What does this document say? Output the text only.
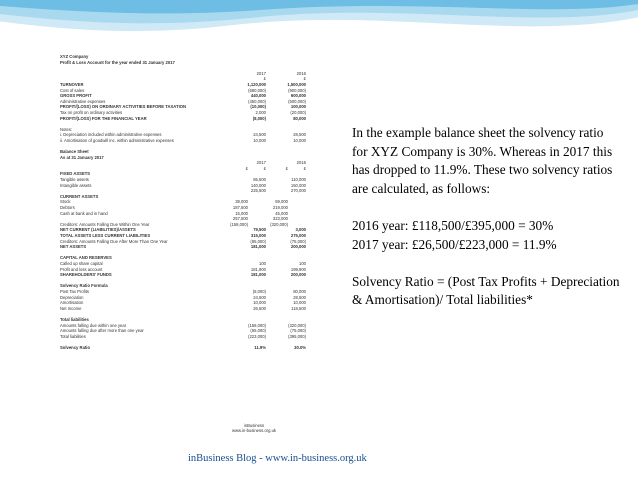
XYZ Company
Profit & Loss Account for the year ended 31 January 2017
2017	2016
£	£
TURNOVER	1,120,000	1,500,000
Cost of sales	(680,000)	(900,000)
GROSS PROFIT	440,000	600,000
Administrative expenses	(450,000)	(500,000)
PROFIT/(LOSS) ON ORDINARY ACTIVITIES BEFORE TAXATION	(10,000)	100,000
Tax on profit on ordinary activities	2,000	(20,000)
PROFIT/(LOSS) FOR THE FINANCIAL YEAR	(8,000)	80,000
Notes:
i. Depreciation included within administrative expenses	24,500	28,500
ii. Amortisation of goodwill inc. within administrative expenses	10,000	10,000
Balance Sheet
As at 31 January 2017
2017	2016
£	£	£	£
FIXED ASSETS
Tangible assets	85,500	110,000
Intangible assets	140,000	150,000
225,500	270,000
CURRENT ASSETS
Stock	39,000	59,000
Debtors	187,500	219,000
Cash at bank and in hand	15,000	45,000
257,500	323,000
Creditors: Amounts Falling Due Within One Year	(158,000)	(320,000)
NET CURRENT (LIABILITIES)/ASSETS	79,500	3,000
TOTAL ASSETS LESS CURRENT LIABILITIES	315,000	275,000
Creditors: Amounts Falling Due After More Than One Year	(85,000)	(75,000)
NET ASSETS	181,000	200,000
CAPITAL AND RESERVES
Called up share capital	100	100
Profit and loss account	181,900	199,900
SHAREHOLDERS' FUNDS	181,000	200,000
Solvency Ratio Formula
Post Tax Profits	(8,000)	80,000
Depreciation	24,500	28,500
Amortisation	10,000	10,000
Net Income	26,500	118,500
Total liabilities
Amounts falling due within one year	(158,000)	(320,000)
Amounts falling due after more than one year	(65,000)	(75,000)
Total liabilities	(223,000)	(395,000)
Solvency Ratio	11.9%	30.0%
inBusiness
www.in-business.org.uk

In the example balance sheet the solvency ratio for XYZ Company is 30%. Whereas in 2017 this has dropped to 11.9%. These two solvency ratios are calculated, as follows:

2016 year: £118,500/£395,000 = 30%

2017 year: £26,500/£223,000 = 11.9%

Solvency Ratio = (Post Tax Profits + Depreciation & Amortisation)/ Total liabilities*

inBusiness Blog - www.in-business.org.uk
